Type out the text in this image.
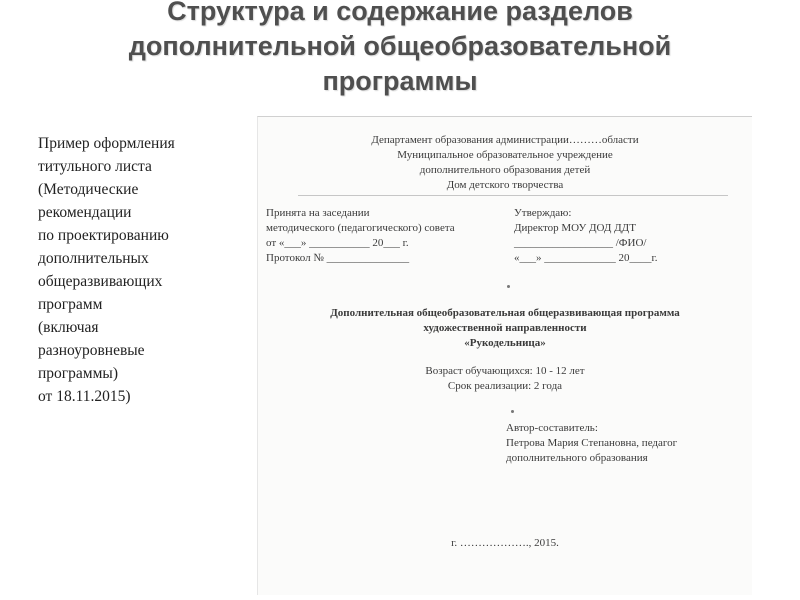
Структура и содержание разделов
дополнительной общеобразовательной
программы
Пример оформления
титульного листа
(Методические
рекомендации
по проектированию
дополнительных
общеразвивающих
программ
(включая
разноуровневые
программы)
от 18.11.2015)
Департамент образования администрации………области
Муниципальное образовательное учреждение
дополнительного образования детей
Дом детского творчества
Принята на заседании
методического (педагогического) совета
от «___» ___________ 20___ г.
Протокол № _______________
Утверждаю:
Директор МОУ ДОД ДДТ
__________________ /ФИО/
«___» _____________ 20____г.
Дополнительная общеобразовательная общеразвивающая программа
художественной направленности
«Рукодельница»
Возраст обучающихся: 10 - 12 лет
Срок реализации: 2 года
Автор-составитель:
Петрова Мария Степановна, педагог
дополнительного образования
г. ………………., 2015.
